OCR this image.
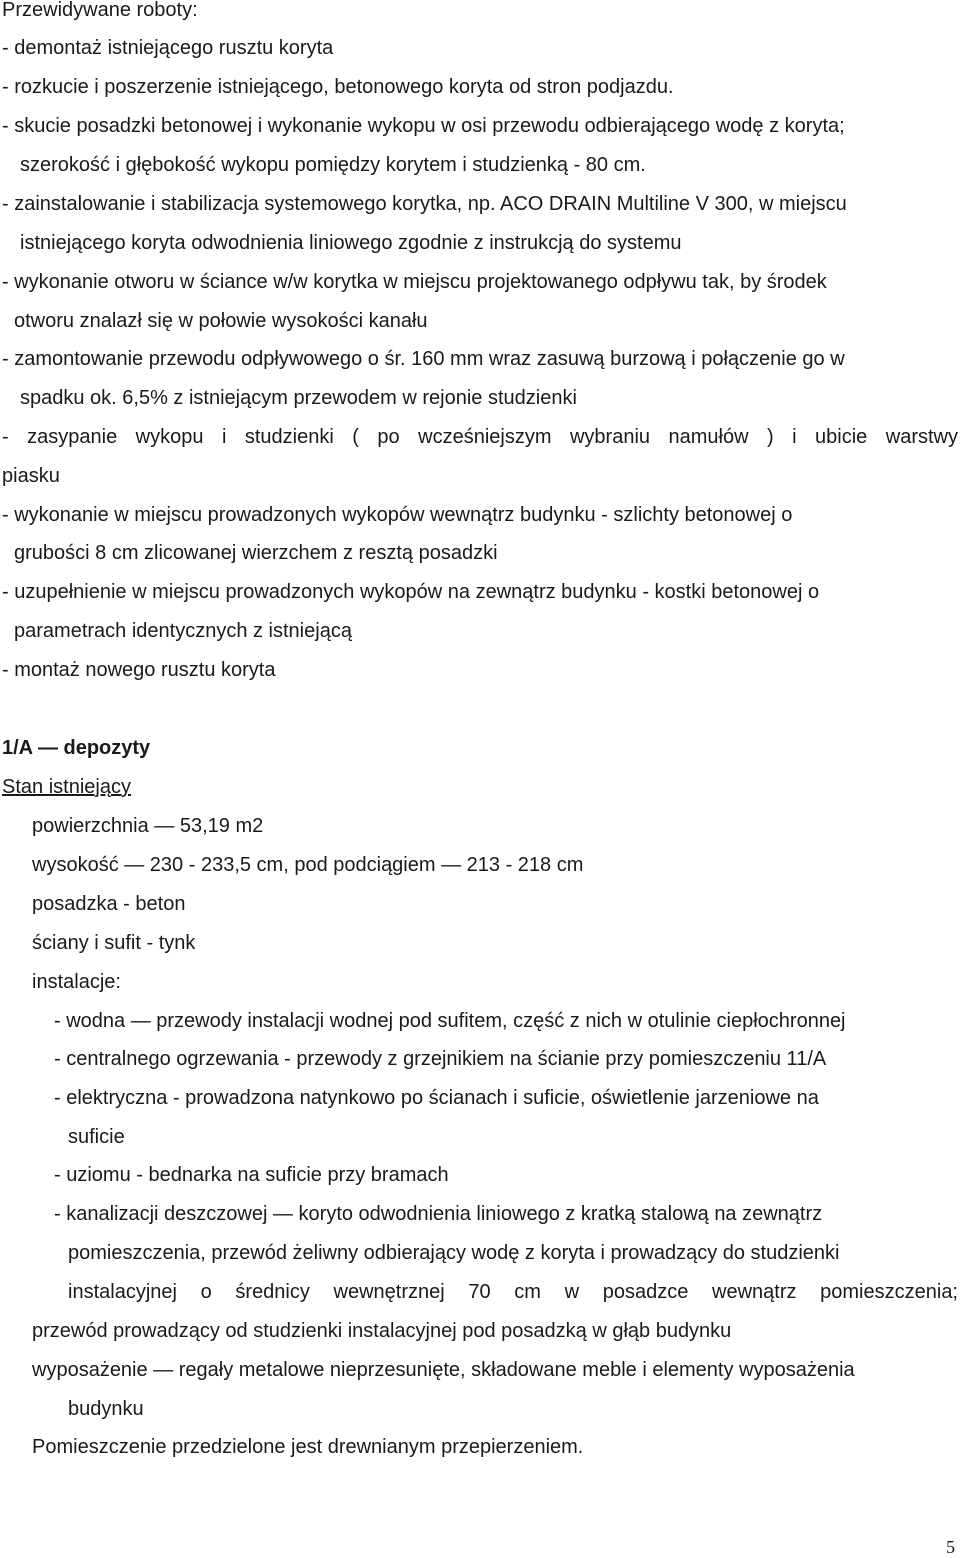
Przewidywane roboty:
- demontaż istniejącego rusztu koryta
- rozkucie i poszerzenie istniejącego, betonowego koryta od stron podjazdu.
- skucie posadzki betonowej i wykonanie wykopu w osi przewodu odbierającego wodę z koryta;
szerokość i głębokość wykopu pomiędzy korytem i studzienką - 80 cm.
- zainstalowanie i stabilizacja systemowego korytka, np. ACO DRAIN Multiline V 300, w miejscu
istniejącego koryta odwodnienia liniowego zgodnie z instrukcją do systemu
- wykonanie otworu w ściance w/w korytka w miejscu projektowanego odpływu tak, by środek
otworu znalazł się w połowie wysokości kanału
- zamontowanie przewodu odpływowego o śr. 160 mm wraz zasuwą burzową i połączenie go w
spadku ok. 6,5% z istniejącym przewodem w rejonie studzienki
- zasypanie wykopu i studzienki ( po wcześniejszym wybraniu namułów ) i ubicie warstwy
piasku
- wykonanie w miejscu prowadzonych wykopów wewnątrz budynku - szlichty betonowej o
grubości 8 cm zlicowanej wierzchem z resztą posadzki
- uzupełnienie w miejscu prowadzonych wykopów na zewnątrz budynku - kostki betonowej o
parametrach identycznych z istniejącą
- montaż nowego rusztu koryta
1/A — depozyty
Stan istniejący
powierzchnia — 53,19 m2
wysokość — 230 - 233,5 cm, pod podciągiem — 213 - 218 cm
posadzka - beton
ściany i sufit - tynk
instalacje:
- wodna — przewody instalacji wodnej pod sufitem, część z nich w otulinie ciepłochronnej
- centralnego ogrzewania - przewody z grzejnikiem na ścianie przy pomieszczeniu 11/A
- elektryczna - prowadzona natynkowo po ścianach i suficie, oświetlenie jarzeniowe na
suficie
- uziomu - bednarka na suficie przy bramach
- kanalizacji deszczowej — koryto odwodnienia liniowego z kratką stalową na zewnątrz
pomieszczenia, przewód żeliwny odbierający wodę z koryta i prowadzący do studzienki
instalacyjnej o średnicy wewnętrznej 70 cm w posadzce wewnątrz pomieszczenia;
przewód prowadzący od studzienki instalacyjnej pod posadzką w głąb budynku
wyposażenie — regały metalowe nieprzesunięte, składowane meble i elementy wyposażenia
budynku
Pomieszczenie przedzielone jest drewnianym przepierzeniem.
5
